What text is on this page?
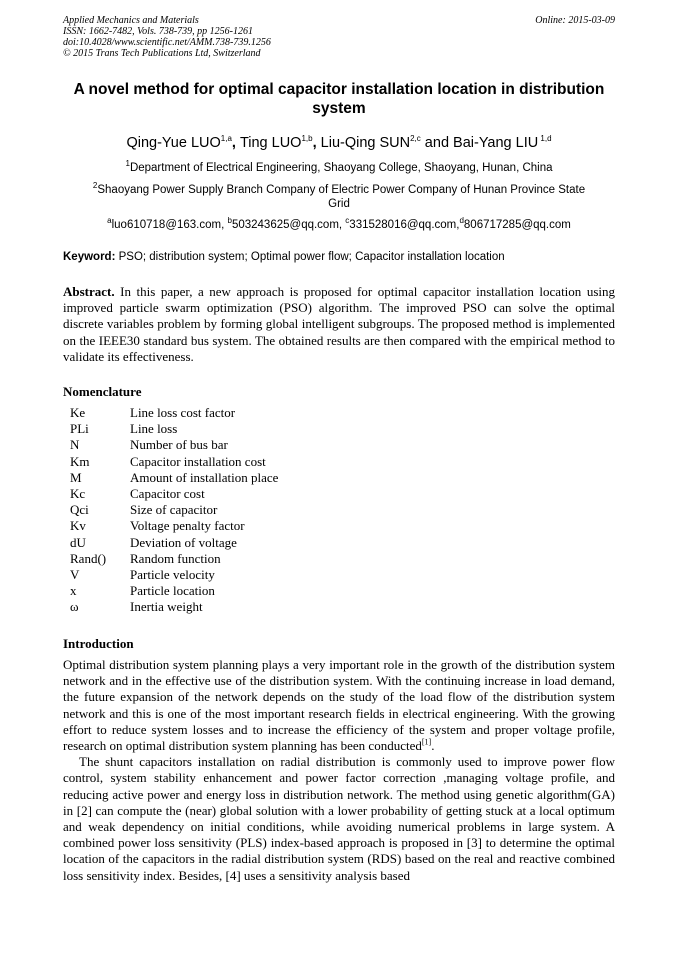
Applied Mechanics and Materials
ISSN: 1662-7482, Vols. 738-739, pp 1256-1261
doi:10.4028/www.scientific.net/AMM.738-739.1256
© 2015 Trans Tech Publications Ltd, Switzerland
Online: 2015-03-09
A novel method for optimal capacitor installation location in distribution
system
Qing-Yue LUO$^{1,a}$, Ting LUO$^{1,b}$, Liu-Qing SUN$^{2,c}$ and Bai-Yang LIU $^{1,d}$
$^1$Department of Electrical Engineering, Shaoyang College, Shaoyang, Hunan, China
$^2$Shaoyang Power Supply Branch Company of Electric Power Company of Hunan Province State
Grid
$^a$luo610718@163.com, $^b$503243625@qq.com, $^c$331528016@qq.com,$^d$806717285@qq.com
Keyword: PSO; distribution system; Optimal power flow; Capacitor installation location
Abstract. In this paper, a new approach is proposed for optimal capacitor installation location using improved particle swarm optimization (PSO) algorithm. The improved PSO can solve the optimal discrete variables problem by forming global intelligent subgroups. The proposed method is implemented on the IEEE30 standard bus system. The obtained results are then compared with the empirical method to validate its effectiveness.
Nomenclature
Ke	Line loss cost factor
PLi	Line loss
N	Number of bus bar
Km	Capacitor installation cost
M	Amount of installation place
Kc	Capacitor cost
Qci	Size of capacitor
Kv	Voltage penalty factor
dU	Deviation of voltage
Rand() Random function
V	Particle velocity
x	Particle location
ω	Inertia weight
Introduction

Optimal distribution system planning plays a very important role in the growth of the distribution system network and in the effective use of the distribution system. With the continuing increase in load demand, the future expansion of the network depends on the study of the load flow of the distribution system network and this is one of the most important research fields in electrical engineering. With the growing effort to reduce system losses and to increase the efficiency of the system and proper voltage profile, research on optimal distribution system planning has been conducted[1].

The shunt capacitors installation on radial distribution is commonly used to improve power flow control, system stability enhancement and power factor correction ,managing voltage profile, and reducing active power and energy loss in distribution network. The method using genetic algorithm(GA) in [2] can compute the (near) global solution with a lower probability of getting stuck at a local optimum and weak dependency on initial conditions, while avoiding numerical problems in large system. A combined power loss sensitivity (PLS) index-based approach is proposed in [3] to determine the optimal location of the capacitors in the radial distribution system (RDS) based on the real and reactive combined loss sensitivity index. Besides, [4] uses a sensitivity analysis based
